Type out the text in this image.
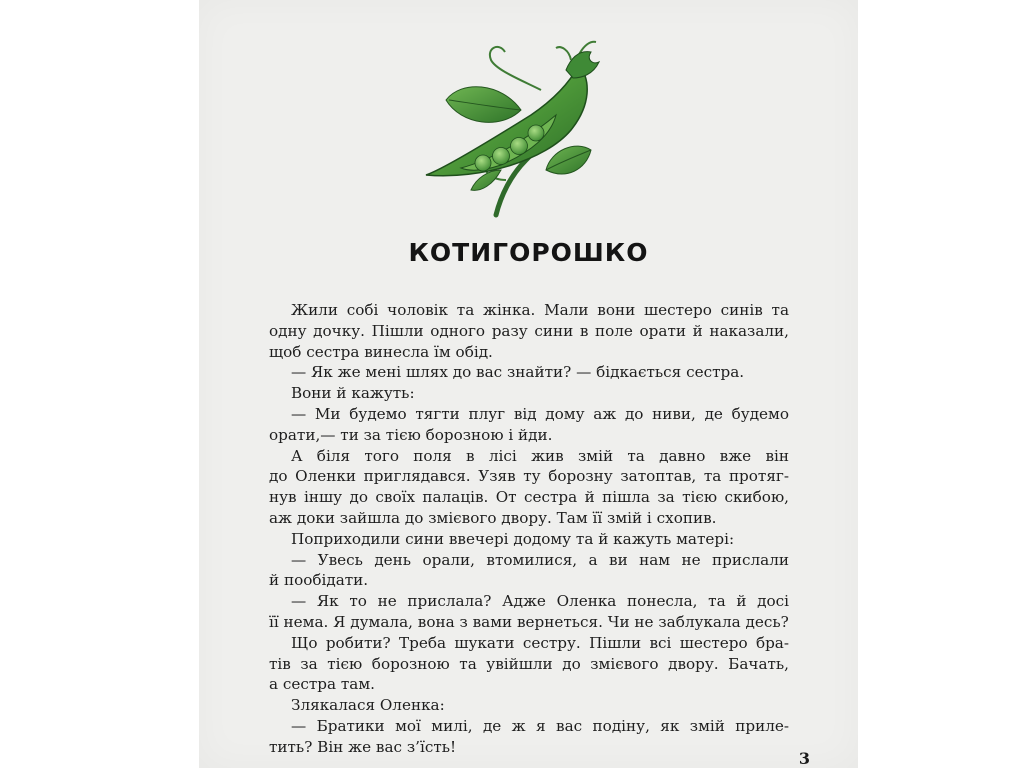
КОТИГОРОШКО
Жили собі чоловік та жінка. Мали вони шестеро синів та
одну дочку. Пішли одного разу сини в поле орати й наказали,
щоб сестра винесла їм обід.
— Як же мені шлях до вас знайти? — бідкається сестра.
Вони й кажуть:
— Ми будемо тягти плуг від дому аж до ниви, де будемо
орати,— ти за тією борозною і йди.
А біля того поля в лісі жив змій та давно вже він
до Оленки приглядався. Узяв ту борозну затоптав, та протяг-
нув іншу до своїх палаців. От сестра й пішла за тією скибою,
аж доки зайшла до змієвого двору. Там її змій і схопив.
Поприходили сини ввечері додому та й кажуть матері:
— Увесь день орали, втомилися, а ви нам не прислали
й пообідати.
— Як то не прислала? Адже Оленка понесла, та й досі
її нема. Я думала, вона з вами вернеться. Чи не заблукала десь?
Що робити? Треба шукати сестру. Пішли всі шестеро бра-
тів за тією борозною та увійшли до змієвого двору. Бачать,
а сестра там.
Злякалася Оленка:
— Братики мої милі, де ж я вас подіну, як змій приле-
тить? Він же вас з’їсть!
3
